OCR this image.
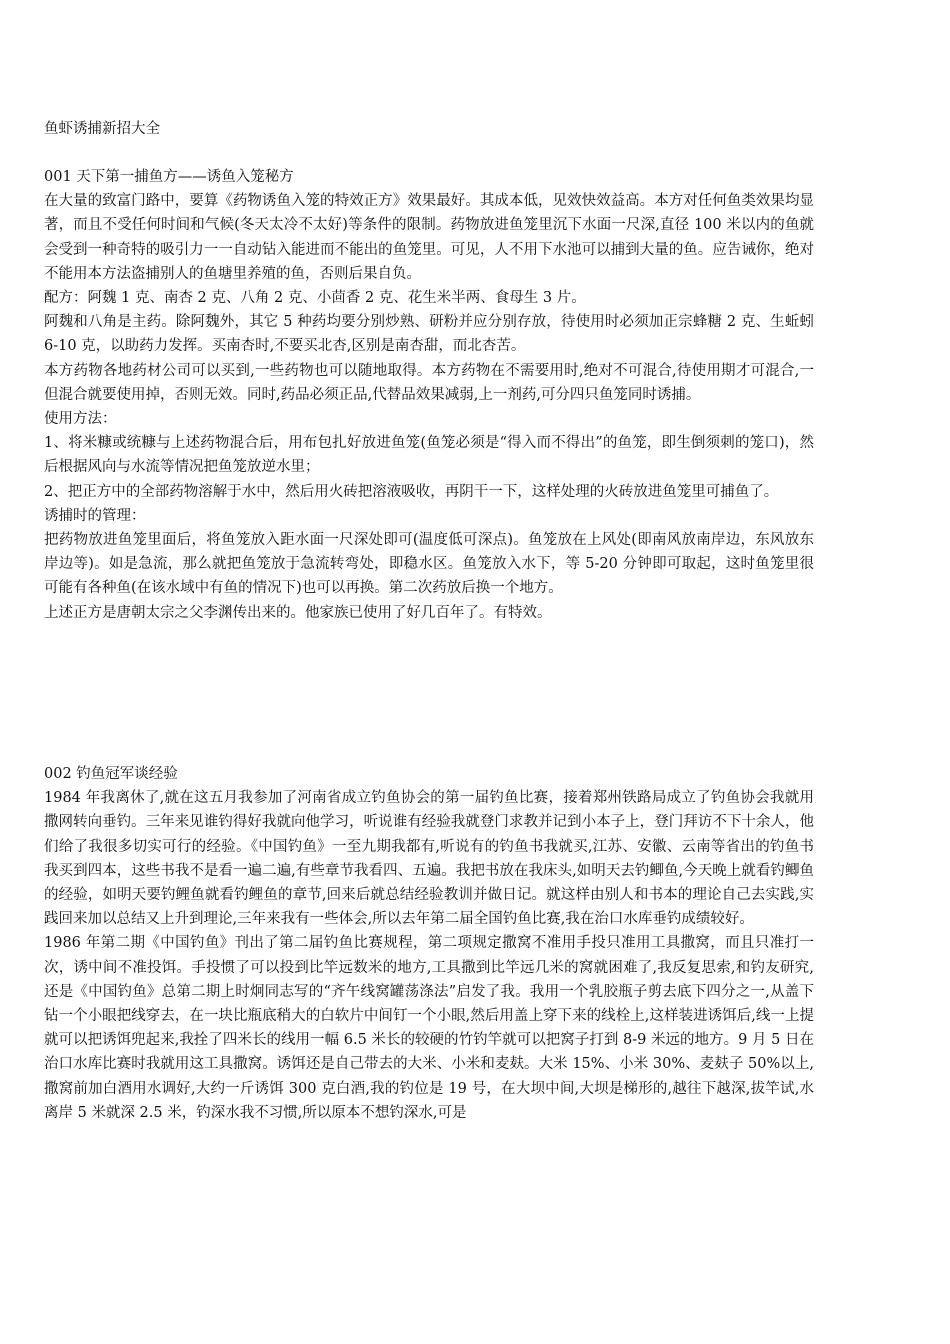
鱼虾诱捕新招大全
001 天下第一捕鱼方——诱鱼入笼秘方

在大量的致富门路中，要算《药物诱鱼入笼的特效正方》效果最好。其成本低，见效快效益高。本方对任何鱼类效果均显著，而且不受任何时间和气候(冬天太冷不太好)等条件的限制。药物放进鱼笼里沉下水面一尺深,直径 100 米以内的鱼就会受到一种奇特的吸引力一一自动钻入能进而不能出的鱼笼里。可见，人不用下水池可以捕到大量的鱼。应告诫你，绝对不能用本方法盗捕别人的鱼塘里养殖的鱼，否则后果自负。

配方：阿魏 1 克、南杏 2 克、八角 2 克、小茴香 2 克、花生米半两、食母生 3 片。

阿魏和八角是主药。除阿魏外，其它 5 种药均要分别炒熟、研粉并应分别存放，待使用时必须加正宗蜂糖 2 克、生蚯蚓 6-10 克，以助药力发挥。买南杏时,不要买北杏,区别是南杏甜，而北杏苦。

本方药物各地药材公司可以买到,一些药物也可以随地取得。本方药物在不需要用时,绝对不可混合,待使用期才可混合,一但混合就要使用掉，否则无效。同时,药品必须正品,代替品效果减弱,上一剂药,可分四只鱼笼同时诱捕。

使用方法：

1、将米糠或统糠与上述药物混合后，用布包扎好放进鱼笼(鱼笼必须是“得入而不得出”的鱼笼，即生倒须刺的笼口)，然后根据风向与水流等情况把鱼笼放逆水里；

2、把正方中的全部药物溶解于水中，然后用火砖把溶液吸收，再阴干一下，这样处理的火砖放进鱼笼里可捕鱼了。

诱捕时的管理：

把药物放进鱼笼里面后，将鱼笼放入距水面一尺深处即可(温度低可深点)。鱼笼放在上风处(即南风放南岸边，东风放东岸边等)。如是急流，那么就把鱼笼放于急流转弯处，即稳水区。鱼笼放入水下，等 5-20 分钟即可取起，这时鱼笼里很可能有各种鱼(在该水域中有鱼的情况下)也可以再换。第二次药放后换一个地方。

上述正方是唐朝太宗之父李渊传出来的。他家族已使用了好几百年了。有特效。

002 钓鱼冠军谈经验

1984 年我离休了,就在这五月我参加了河南省成立钓鱼协会的第一届钓鱼比赛，接着郑州铁路局成立了钓鱼协会我就用撒网转向垂钓。三年来见谁钓得好我就向他学习，听说谁有经验我就登门求教并记到小本子上，登门拜访不下十余人，他们给了我很多切实可行的经验。《中国钓鱼》一至九期我都有,听说有的钓鱼书我就买,江苏、安徽、云南等省出的钓鱼书我买到四本，这些书我不是看一遍二遍,有些章节我看四、五遍。我把书放在我床头,如明天去钓鲫鱼,今天晚上就看钓鲫鱼的经验，如明天要钓鲤鱼就看钓鲤鱼的章节,回来后就总结经验教训并做日记。就这样由别人和书本的理论自己去实践,实践回来加以总结又上升到理论,三年来我有一些体会,所以去年第二届全国钓鱼比赛,我在治口水库垂钓成绩较好。

1986 年第二期《中国钓鱼》刊出了第二届钓鱼比赛规程，第二项规定撒窝不准用手投只准用工具撒窝，而且只准打一次，诱中间不准投饵。手投惯了可以投到比竿远数米的地方,工具撒到比竿远几米的窝就困难了,我反复思索,和钓友研究,还是《中国钓鱼》总第二期上时炯同志写的“齐午线窝罐荡涤法”启发了我。我用一个乳胶瓶子剪去底下四分之一,从盖下钻一个小眼把线穿去，在一块比瓶底稍大的白软片中间钉一个小眼,然后用盖上穿下来的线栓上,这样装进诱饵后,线一上提就可以把诱饵兜起来,我拴了四米长的线用一幅 6.5 米长的较硬的竹钓竿就可以把窝子打到 8-9 米远的地方。9 月 5 日在治口水库比赛时我就用这工具撒窝。诱饵还是自己带去的大米、小米和麦麸。大米 15%、小米 30%、麦麸子 50%以上,撒窝前加白酒用水调好,大约一斤诱饵 300 克白酒,我的钓位是 19 号，在大坝中间,大坝是梯形的,越往下越深,拔竿试,水离岸 5 米就深 2.5 米，钓深水我不习惯,所以原本不想钓深水,可是
